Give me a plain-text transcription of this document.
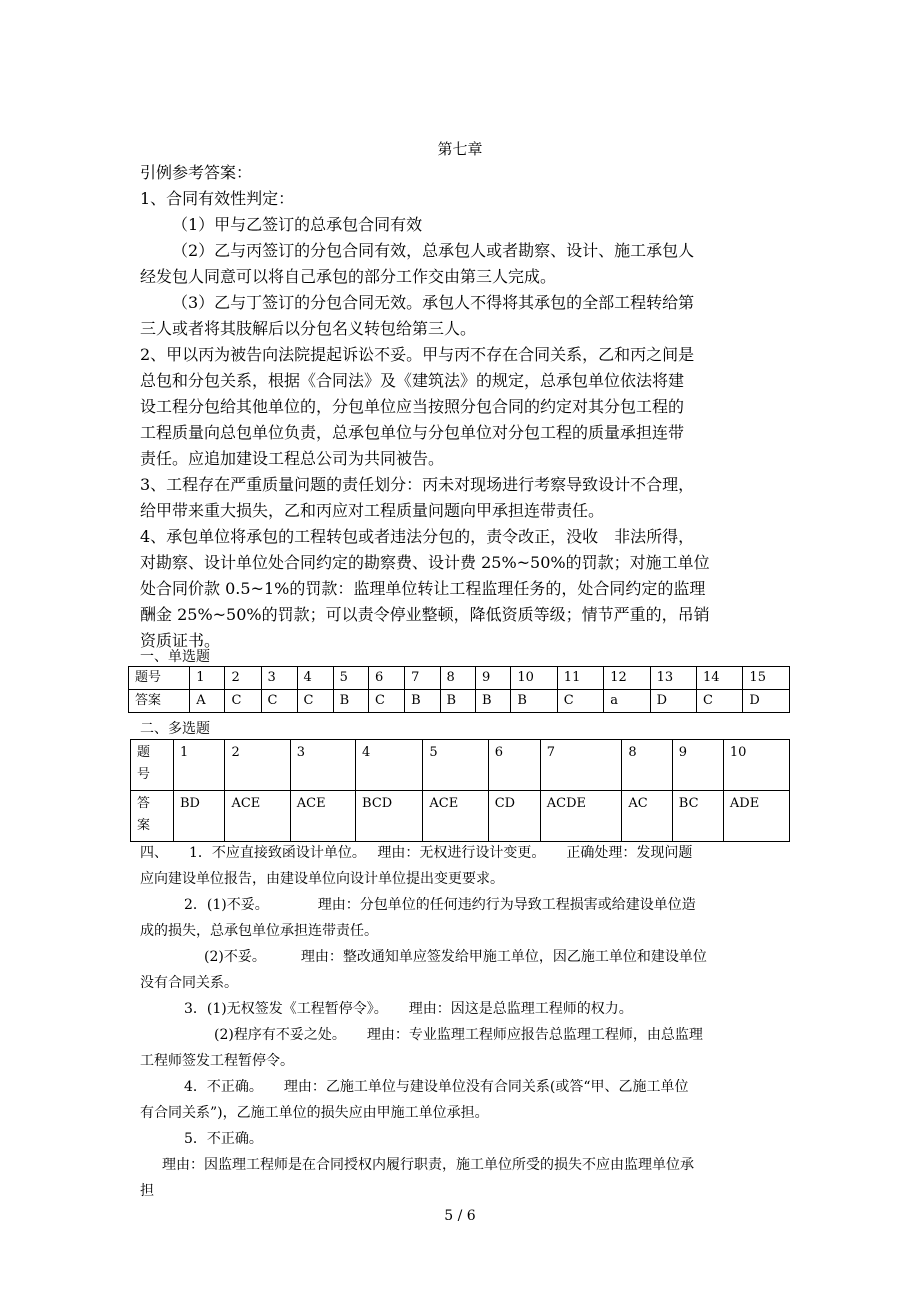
第七章

引例参考答案：

1、合同有效性判定：

（1）甲与乙签订的总承包合同有效

（2）乙与丙签订的分包合同有效，总承包人或者勘察、设计、施工承包人

经发包人同意可以将自己承包的部分工作交由第三人完成。

（3）乙与丁签订的分包合同无效。承包人不得将其承包的全部工程转给第

三人或者将其肢解后以分包名义转包给第三人。

2、甲以丙为被告向法院提起诉讼不妥。甲与丙不存在合同关系，乙和丙之间是

总包和分包关系，根据《合同法》及《建筑法》的规定，总承包单位依法将建

设工程分包给其他单位的，分包单位应当按照分包合同的约定对其分包工程的

工程质量向总包单位负责，总承包单位与分包单位对分包工程的质量承担连带

责任。应追加建设工程总公司为共同被告。

3、工程存在严重质量问题的责任划分：丙未对现场进行考察导致设计不合理，

给甲带来重大损失，乙和丙应对工程质量问题向甲承担连带责任。

4、承包单位将承包的工程转包或者违法分包的，责令改正，没收　非法所得，

对勘察、设计单位处合同约定的勘察费、设计费 25%~50%的罚款；对施工单位

处合同价款 0.5~1%的罚款：监理单位转让工程监理任务的，处合同约定的监理

酬金 25%~50%的罚款；可以责令停业整顿，降低资质等级；情节严重的，吊销

资质证书。

一、单选题
题号	1	2	3	4	5	6	7	8	9	10	11	12	13	14	15
答案	A	C	C	C	B	C	B	B	B	B	C	a	D	C	D
二、多选题
题
号	1	2	3	4	5	6	7	8	9	10
答
案	BD	ACE	ACE	BCD	ACE	CD	ACDE	AC	BC	ADE

四、　　1．不应直接致函设计单位。　 理由：无权进行设计变更。　　正确处理：发现问题

应向建设单位报告，由建设单位向设计单位提出变更要求。

2．(1)不妥。　　　　理由：分包单位的任何违约行为导致工程损害或给建设单位造

成的损失，总承包单位承担连带责任。

(2)不妥。　　　理由：整改通知单应签发给甲施工单位，因乙施工单位和建设单位

没有合同关系。

3．(1)无权签发《工程暂停令》。　　理由：因这是总监理工程师的权力。

(2)程序有不妥之处。　　理由：专业监理工程师应报告总监理工程师，由总监理

工程师签发工程暂停令。

4．不正确。　　理由：乙施工单位与建设单位没有合同关系(或答“甲、乙施工单位

有合同关系”)，乙施工单位的损失应由甲施工单位承担。

5．不正确。

理由：因监理工程师是在合同授权内履行职责，施工单位所受的损失不应由监理单位承

担

5 / 6
